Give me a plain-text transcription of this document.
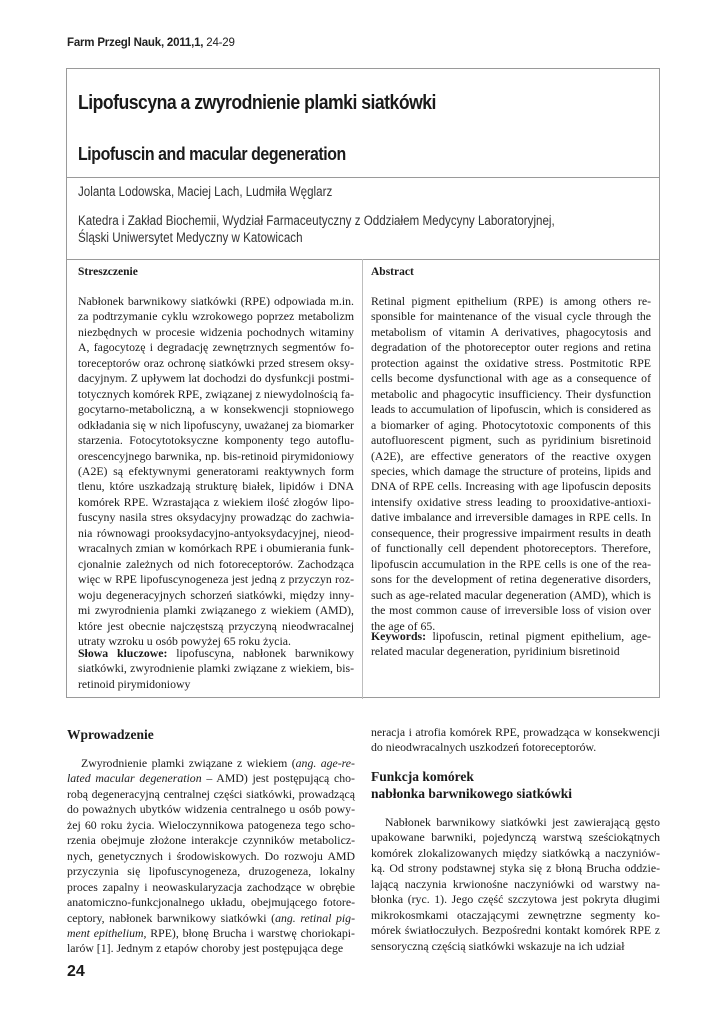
Farm Przegl Nauk, 2011,1, 24-29
Lipofuscyna a zwyrodnienie plamki siatkówki
Lipofuscin and macular degeneration
Jolanta Lodowska, Maciej Lach, Ludmiła Węglarz
Katedra i Zakład Biochemii, Wydział Farmaceutyczny z Oddziałem Medycyny Laboratoryjnej,
Śląski Uniwersytet Medyczny w Katowicach
Streszczenie	Abstract

Nabłonek barwnikowy siatkówki (RPE) odpowiada m.in. za podtrzymanie cyklu wzrokowego poprzez metabolizm niezbędnych w procesie widzenia pochodnych witaminy A, fagocytozę i degradację zewnętrznych segmentów fotoreceptorów oraz ochronę siatkówki przed stresem oksydacyjnym. Z upływem lat dochodzi do dysfunkcji postmitotycznych komórek RPE, związanej z niewydolnością fagocytarno-metaboliczną, a w konsekwencji stopniowego odkładania się w nich lipofuscyny, uważanej za biomarker starzenia. Fotocytotoksyczne komponenty tego autofluorescencyjnego barwnika, np. bis-retinoid pirymidoniowy (A2E) są efektywnymi generatorami reaktywnych form tlenu, które uszkadzają strukturę białek, lipidów i DNA komórek RPE. Wzrastająca z wiekiem ilość złogów lipofuscyny nasila stres oksydacyjny prowadząc do zachwiania równowagi prooksydacyjno-antyoksydacyjnej, nieodwracalnych zmian w komórkach RPE i obumierania funkcjonalnie zależnych od nich fotoreceptorów. Zachodząca więc w RPE lipofuscynogeneza jest jedną z przyczyn rozwoju degeneracyjnych schorzeń siatkówki, między innymi zwyrodnienia plamki związanego z wiekiem (AMD), które jest obecnie najczęstszą przyczyną nieodwracalnej utraty wzroku u osób powyżej 65 roku życia.

Retinal pigment epithelium (RPE) is among others responsible for maintenance of the visual cycle through the metabolism of vitamin A derivatives, phagocytosis and degradation of the photoreceptor outer regions and retina protection against the oxidative stress. Postmitotic RPE cells become dysfunctional with age as a consequence of metabolic and phagocytic insufficiency. Their dysfunction leads to accumulation of lipofuscin, which is considered as a biomarker of aging. Photocytotoxic components of this autofluorescent pigment, such as pyridinium bisretinoid (A2E), are effective generators of the reactive oxygen species, which damage the structure of proteins, lipids and DNA of RPE cells. Increasing with age lipofuscin deposits intensify oxidative stress leading to prooxidative-antioxidative imbalance and irreversible damages in RPE cells. In consequence, their progressive impairment results in death of functionally cell dependent photoreceptors. Therefore, lipofuscin accumulation in the RPE cells is one of the reasons for the development of retina degenerative disorders, such as age-related macular degeneration (AMD), which is the most common cause of irreversible loss of vision over the age of 65.

Słowa kluczowe: lipofuscyna, nabłonek barwnikowy siatkówki, zwyrodnienie plamki związane z wiekiem, bisretinoid pirymidoniowy

Keywords: lipofuscin, retinal pigment epithelium, age-related macular degeneration, pyridinium bisretinoid

Wprowadzenie
Zwyrodnienie plamki związane z wiekiem (ang. age-related macular degeneration – AMD) jest postępującą chorobą degeneracyjną centralnej części siatkówki, prowadzącą do poważnych ubytków widzenia centralnego u osób powyżej 60 roku życia. Wieloczynnikowa patogeneza tego schorzenia obejmuje złożone interakcje czynników metabolicznych, genetycznych i środowiskowych. Do rozwoju AMD przyczynia się lipofuscynogeneza, druzogeneza, lokalny proces zapalny i neowaskularyzacja zachodzące w obrębie anatomiczno-funkcjonalnego układu, obejmującego fotoreceptory, nabłonek barwnikowy siatkówki (ang. retinal pigment epithelium, RPE), błonę Brucha i warstwę choriokapilarów [1]. Jednym z etapów choroby jest postępująca dege
neracja i atrofia komórek RPE, prowadząca w konsekwencji do nieodwracalnych uszkodzeń fotoreceptorów.
Funkcja komórek
nabłonka barwnikowego siatkówki
Nabłonek barwnikowy siatkówki jest zawierającą gęsto upakowane barwniki, pojedynczą warstwą sześciokątnych komórek zlokalizowanych między siatkówką a naczyniówką. Od strony podstawnej styka się z błoną Brucha oddzielającą naczynia krwionośne naczyniówki od warstwy nabłonka (ryc. 1). Jego część szczytowa jest pokryta długimi mikrokosmkami otaczającymi zewnętrzne segmenty komórek światłoczułych. Bezpośredni kontakt komórek RPE z sensoryczną częścią siatkówki wskazuje na ich udział
24
